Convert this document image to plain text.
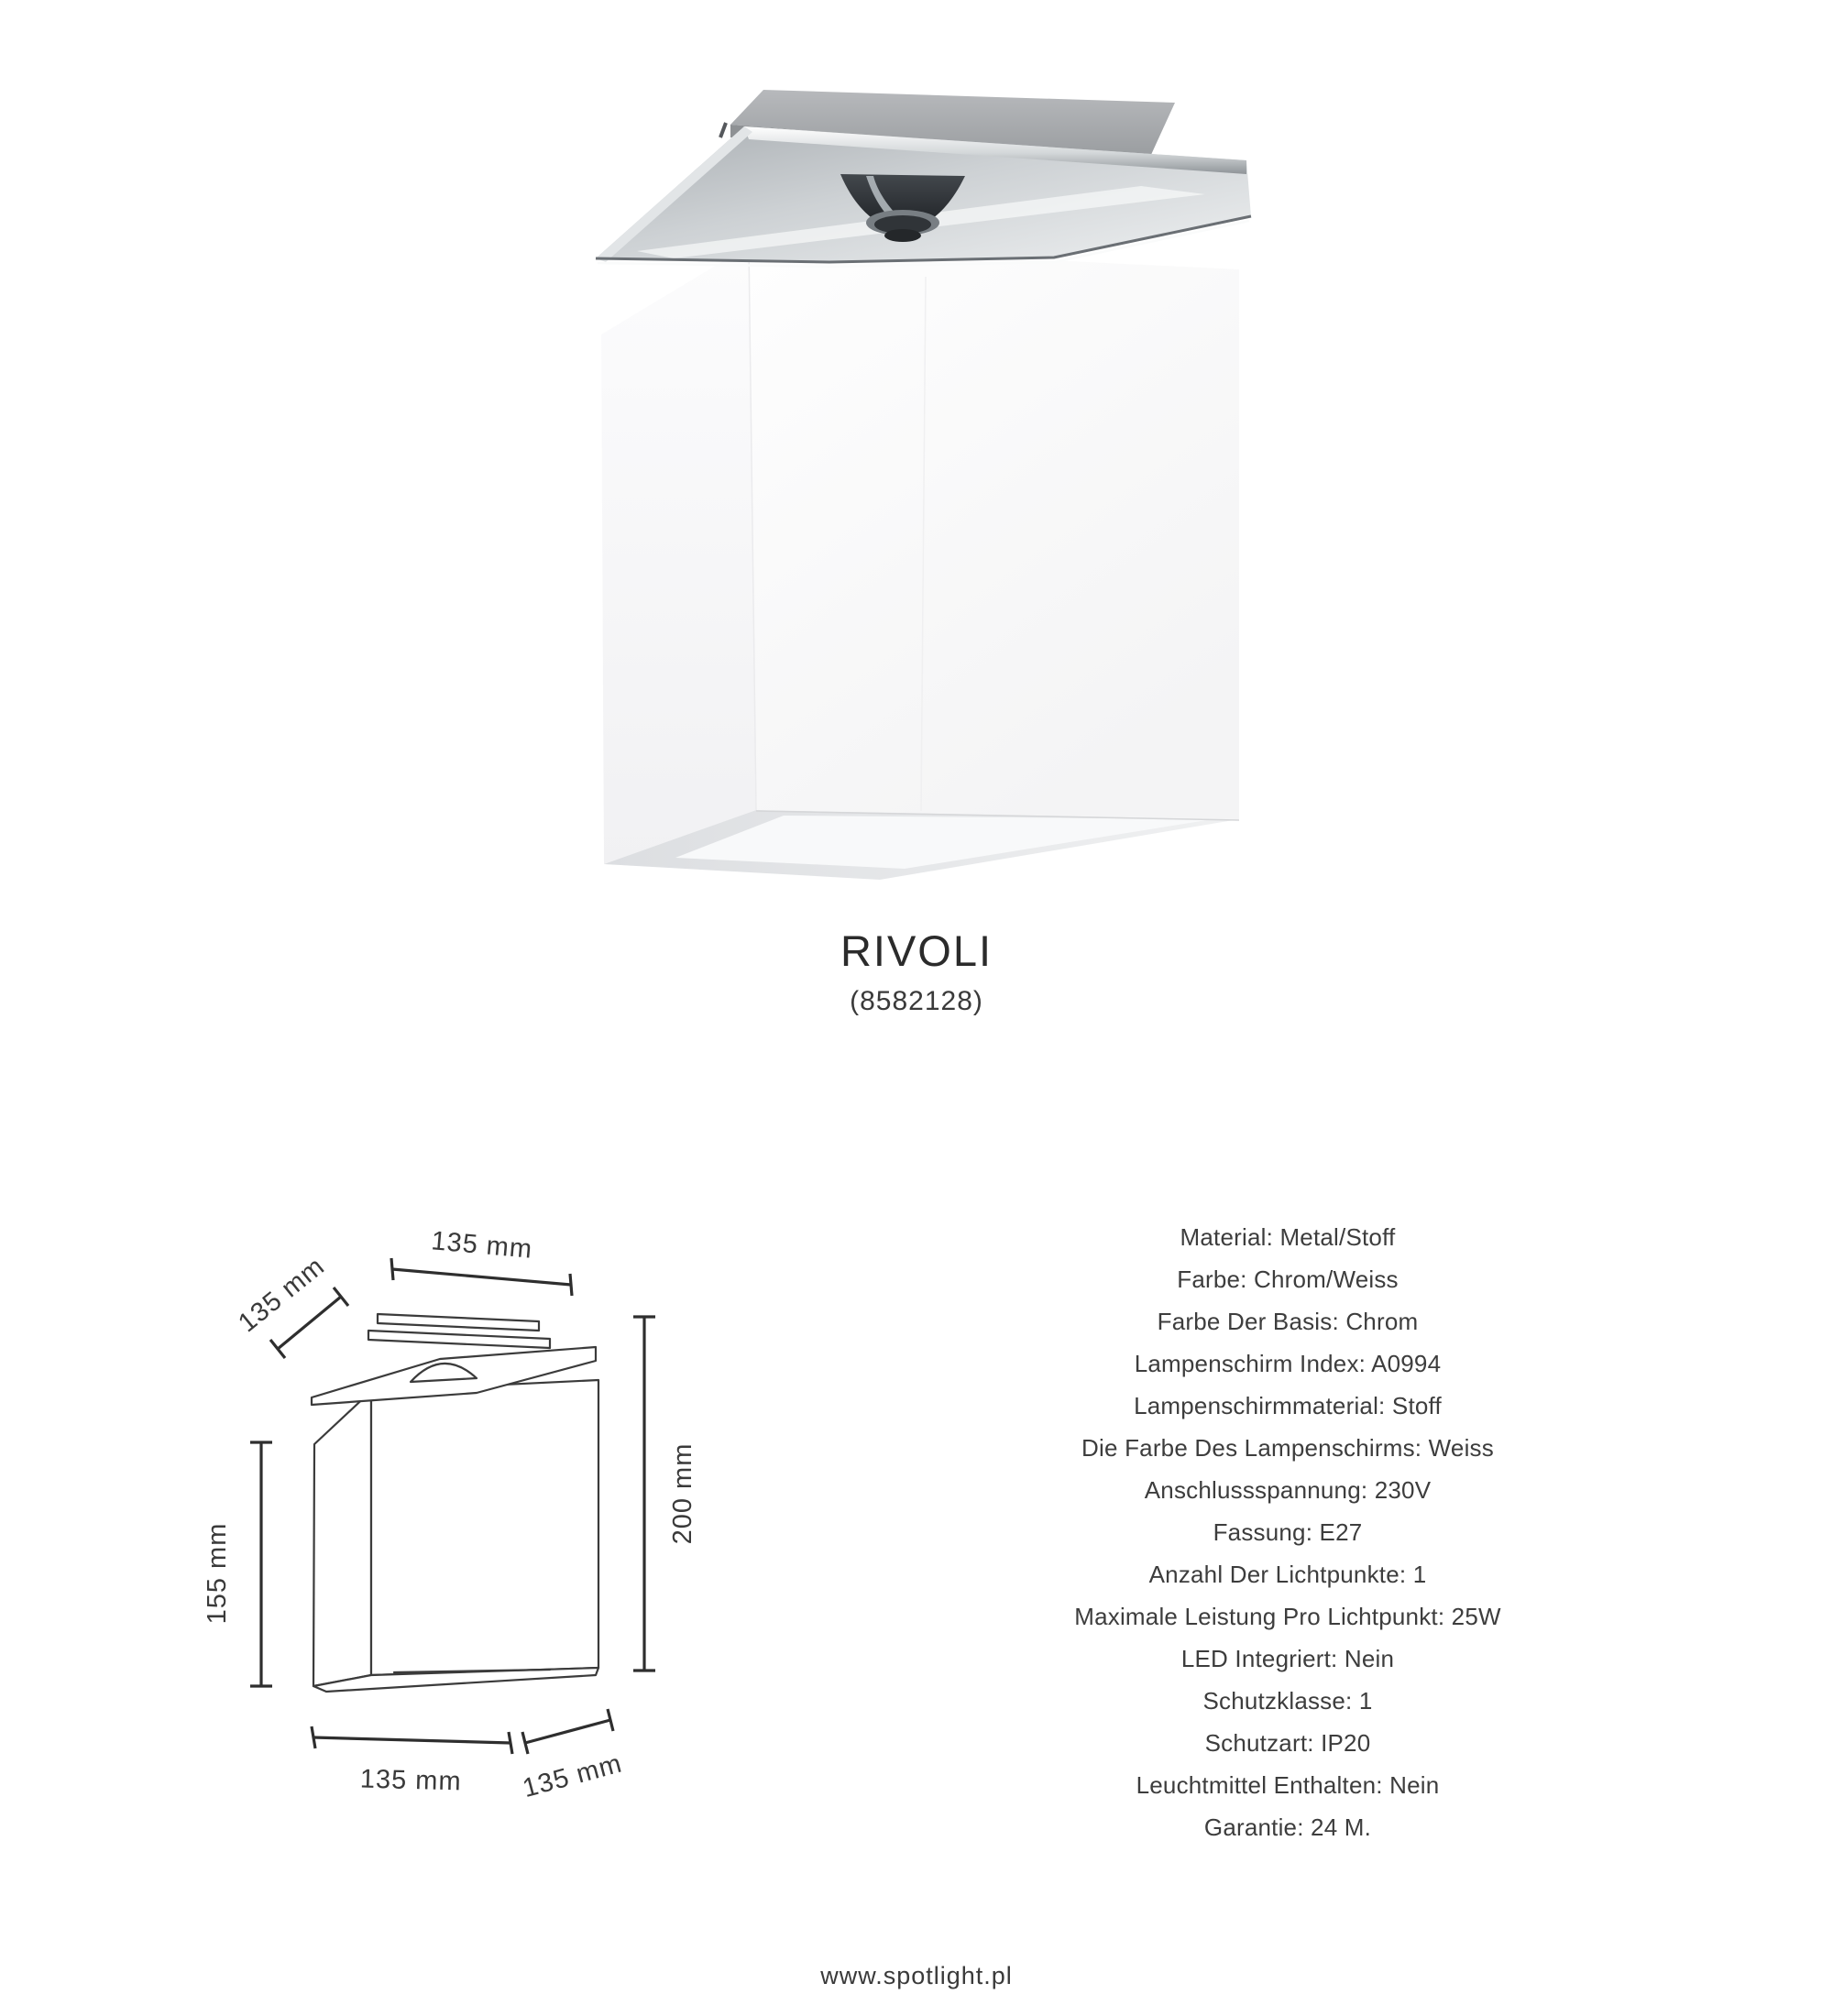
RIVOLI
(8582128)
135 mm
135 mm
155 mm
200 mm
135 mm 135 mm
Material: Metal/Stoff
Farbe: Chrom/Weiss
Farbe Der Basis: Chrom
Lampenschirm Index: A0994
Lampenschirmmaterial: Stoff
Die Farbe Des Lampenschirms: Weiss
Anschlussspannung: 230V
Fassung: E27
Anzahl Der Lichtpunkte: 1
Maximale Leistung Pro Lichtpunkt: 25W
LED Integriert: Nein
Schutzklasse: 1
Schutzart: IP20
Leuchtmittel Enthalten: Nein
Garantie: 24 M.
www.spotlight.pl
